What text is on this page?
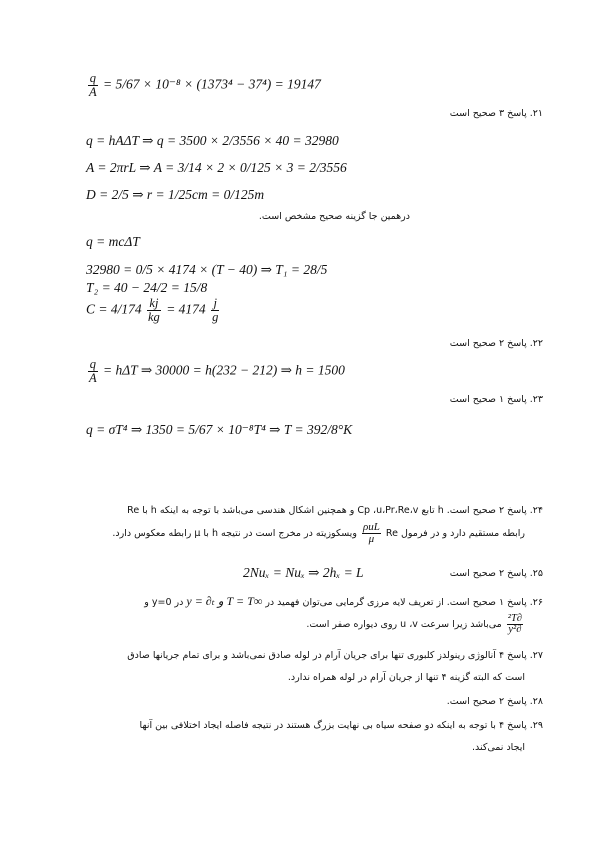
$\frac{q}{A} = 5/67 \times 10^{-8} \times (1373^4 - 37^4) = 19147$
۲۱. پاسخ ۳ صحیح است
q = hAΔT ⇒ q = 3500 × 2/3556 × 40 = 32980
A = 2πrL ⇒ A = 3/14 × 2 × 0/125 × 3 = 2/3556
D = 2/5 ⇒ r = 1/25cm = 0/125m
درهمین جا گزینه صحیح مشخص است.
q = mcΔT
32980 = 0/5 × 4174 × (T − 40) ⇒ T₁ = 28/5
T₂ = 40 − 24/2 = 15/8
$C = 4/174 \frac{kj}{kg} = 4174 \frac{j}{g}$
۲۲. پاسخ ۲ صحیح است
$\frac{q}{A} = h\Delta T$ ⇒ 30000 = h(232 − 212) ⇒ h = 1500
۲۳. پاسخ ۱ صحیح است
q = σT⁴ ⇒ 1350 = 5/67 × 10⁻⁸T⁴ ⇒ T = 392/8°K
۲۴. پاسخ ۲ صحیح است. h تابع Cp ،u،Pr،Re،v و همچنین اشکال هندسی می‌باشد با توجه به اینکه h با Re
رابطه مستقیم دارد و در فرمول Re
$\frac{\text{ρuL}}{\mu}$
ویسکوزیته در مخرج است در نتیجه h با μ رابطه معکوس دارد.
۲۵. پاسخ ۲ صحیح است
2Nuₓ = Nuₓ ⇒ 2hₓ = L
۲۶. پاسخ ۱ صحیح است. از تعریف لایه مرزی گرمایی می‌توان فهمید در y = ∂ₜ و T = T∞ در y=0 و
$\frac{\text{∂²T}}{\text{∂y²}}$
می‌باشد زیرا سرعت u ،v روی دیواره صفر است.
۲۷. پاسخ ۴ آنالوژی رینولدز کلبوری تنها برای جریان آرام در لوله صادق نمی‌باشد و برای تمام جریانها صادق
است که البته گزینه ۴ تنها از جریان آرام در لوله همراه ندارد.
۲۸. پاسخ ۲ صحیح است.
۲۹. پاسخ ۴ با توجه به اینکه دو صفحه سیاه بی نهایت بزرگ هستند در نتیجه فاصله ایجاد اختلافی بین آنها
ایجاد نمی‌کند.
